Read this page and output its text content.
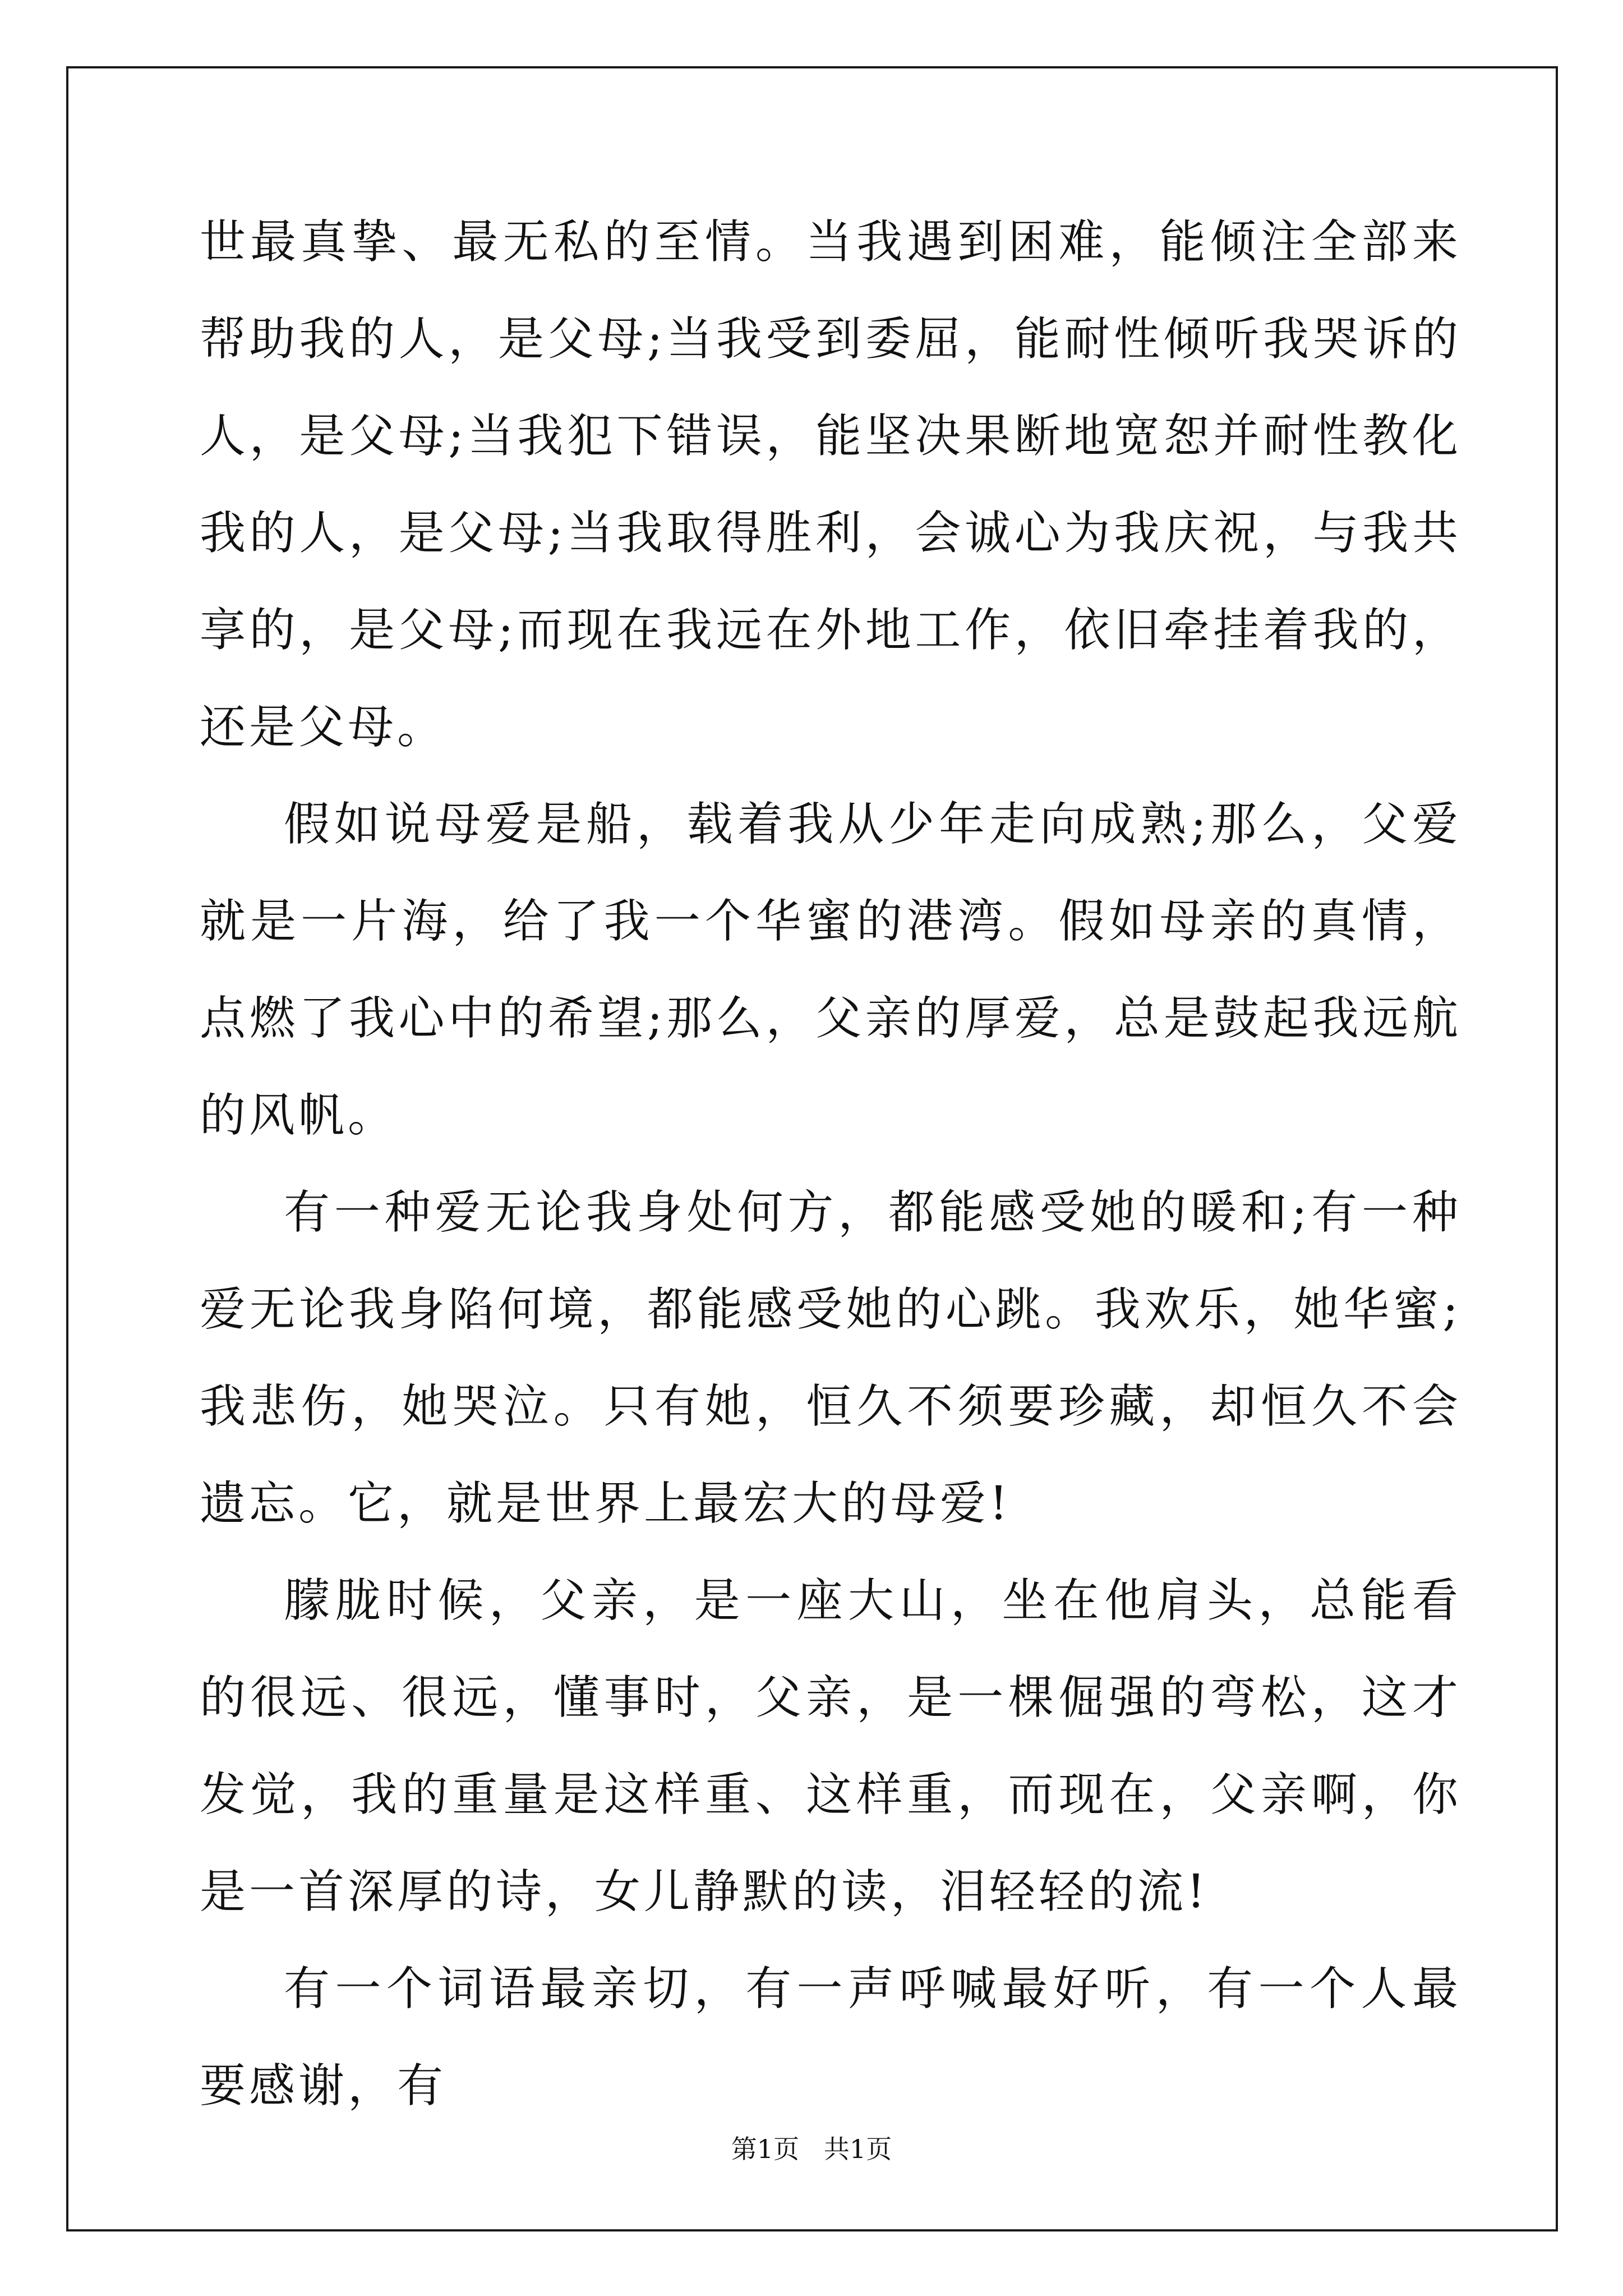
世最真挚、最无私的至情。当我遇到困难，能倾注全部来帮助我的人，是父母;当我受到委屈，能耐性倾听我哭诉的人，是父母;当我犯下错误，能坚决果断地宽恕并耐性教化我的人，是父母;当我取得胜利，会诚心为我庆祝，与我共享的，是父母;而现在我远在外地工作，依旧牵挂着我的，还是父母。

假如说母爱是船，载着我从少年走向成熟;那么，父爱就是一片海，给了我一个华蜜的港湾。假如母亲的真情，点燃了我心中的希望;那么，父亲的厚爱，总是鼓起我远航的风帆。

有一种爱无论我身处何方，都能感受她的暖和;有一种爱无论我身陷何境，都能感受她的心跳。我欢乐，她华蜜;我悲伤，她哭泣。只有她，恒久不须要珍藏，却恒久不会遗忘。它，就是世界上最宏大的母爱!

朦胧时候，父亲，是一座大山，坐在他肩头，总能看的很远、很远，懂事时，父亲，是一棵倔强的弯松，这才发觉，我的重量是这样重、这样重，而现在，父亲啊，你是一首深厚的诗，女儿静默的读，泪轻轻的流!

有一个词语最亲切，有一声呼喊最好听，有一个人最要感谢，有

第1页   共1页
